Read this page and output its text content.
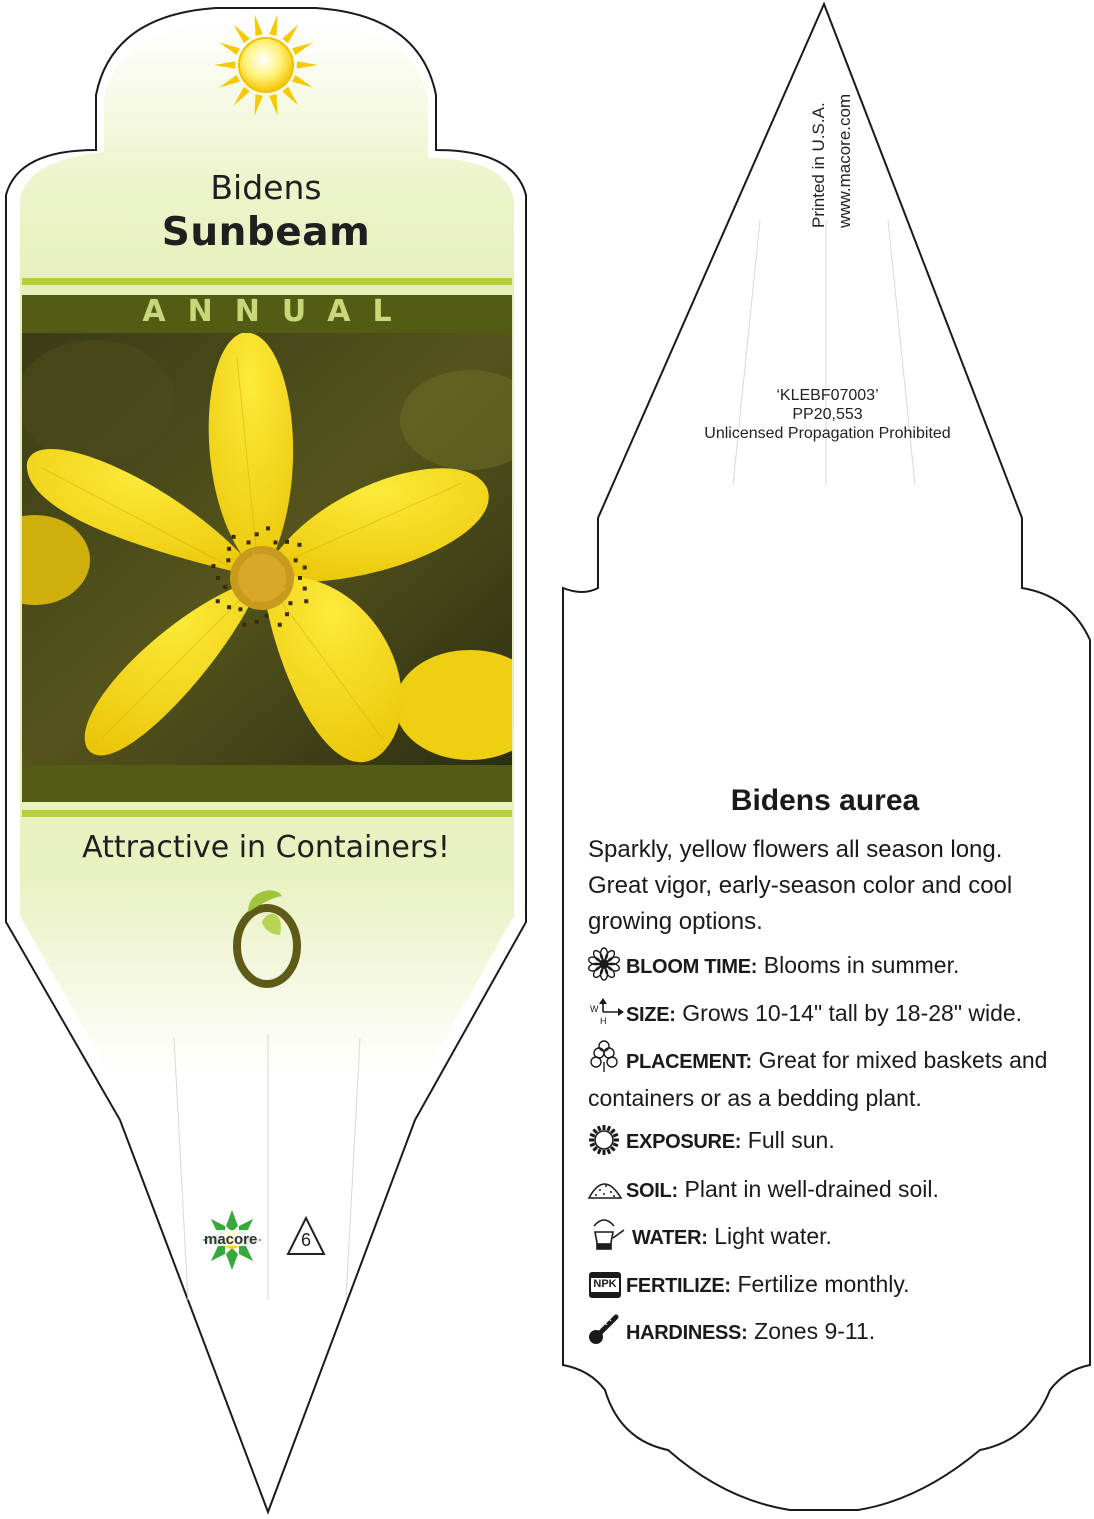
Bidens
Sunbeam
ANNUAL
Attractive in Containers!
macore	6
Printed in U.S.A. www.macore.com
‘KLEBF07003’
PP20,553
Unlicensed Propagation Prohibited
Bidens aurea
Sparkly, yellow flowers all season long. Great vigor, early-season color and cool growing options.
BLOOM TIME: Blooms in summer.
SIZE: Grows 10-14" tall by 18-28" wide.
W
H
PLACEMENT: Great for mixed baskets and containers or as a bedding plant.
EXPOSURE: Full sun.
SOIL: Plant in well-drained soil.
WATER: Light water.
FERTILIZE: Fertilize monthly.
NPK
HARDINESS: Zones 9-11.
